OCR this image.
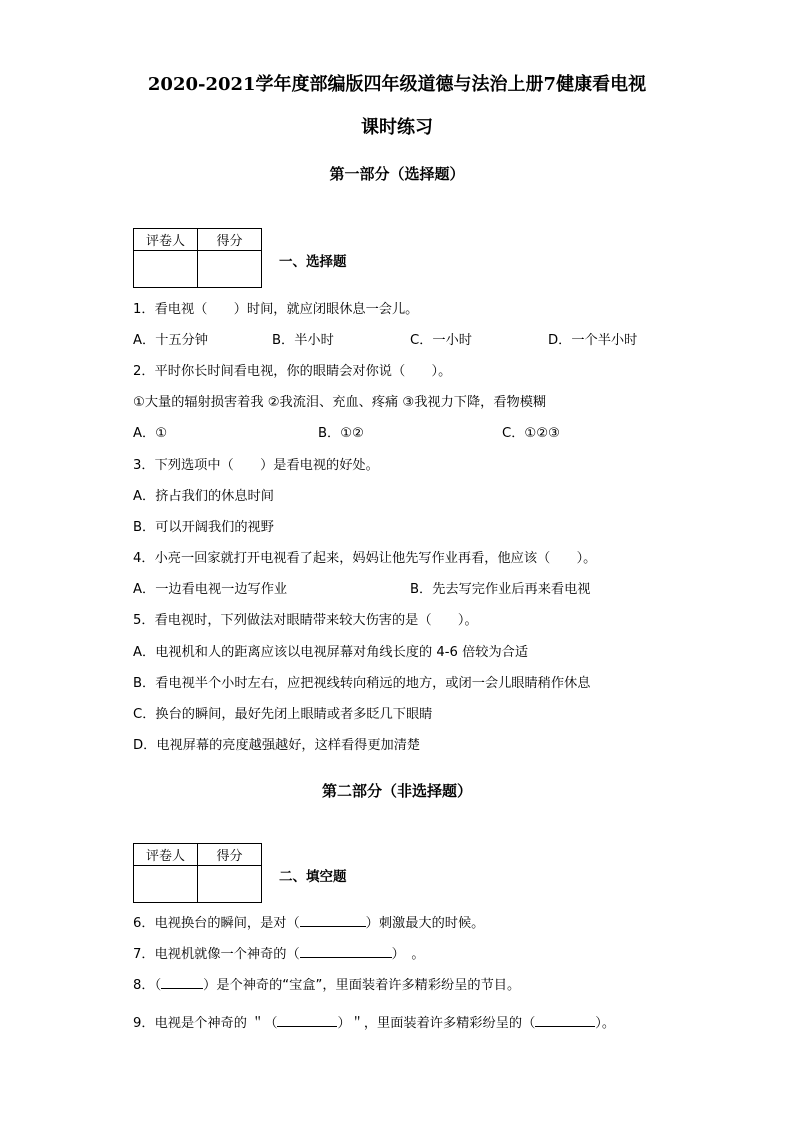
2020-2021学年度部编版四年级道德与法治上册7健康看电视
课时练习
第一部分（选择题）
评卷人	得分

一、选择题
1．看电视（　　）时间，就应闭眼休息一会儿。
A．十五分钟	B．半小时	C．一小时	D．一个半小时
2．平时你长时间看电视，你的眼睛会对你说（　　）。
①大量的辐射损害着我 ②我流泪、充血、疼痛 ③我视力下降，看物模糊
A．①	B．①②	C．①②③
3．下列选项中（　　）是看电视的好处。
A．挤占我们的休息时间
B．可以开阔我们的视野
4．小亮一回家就打开电视看了起来，妈妈让他先写作业再看，他应该（　　）。
A．一边看电视一边写作业	B．先去写完作业后再来看电视
5．看电视时，下列做法对眼睛带来较大伤害的是（　　）。
A．电视机和人的距离应该以电视屏幕对角线长度的 4-6 倍较为合适
B．看电视半个小时左右，应把视线转向稍远的地方，或闭一会儿眼睛稍作休息
C．换台的瞬间，最好先闭上眼睛或者多眨几下眼睛
D．电视屏幕的亮度越强越好，这样看得更加清楚
第二部分（非选择题）
评卷人	得分

二、填空题
6．电视换台的瞬间，是对（	）刺激最大的时候。
7．电视机就像一个神奇的（	）　。
8．（	）是个神奇的“宝盒”，里面装着许多精彩纷呈的节目。
9．电视是个神奇的 ＂（	）＂，里面装着许多精彩纷呈的（	）。
